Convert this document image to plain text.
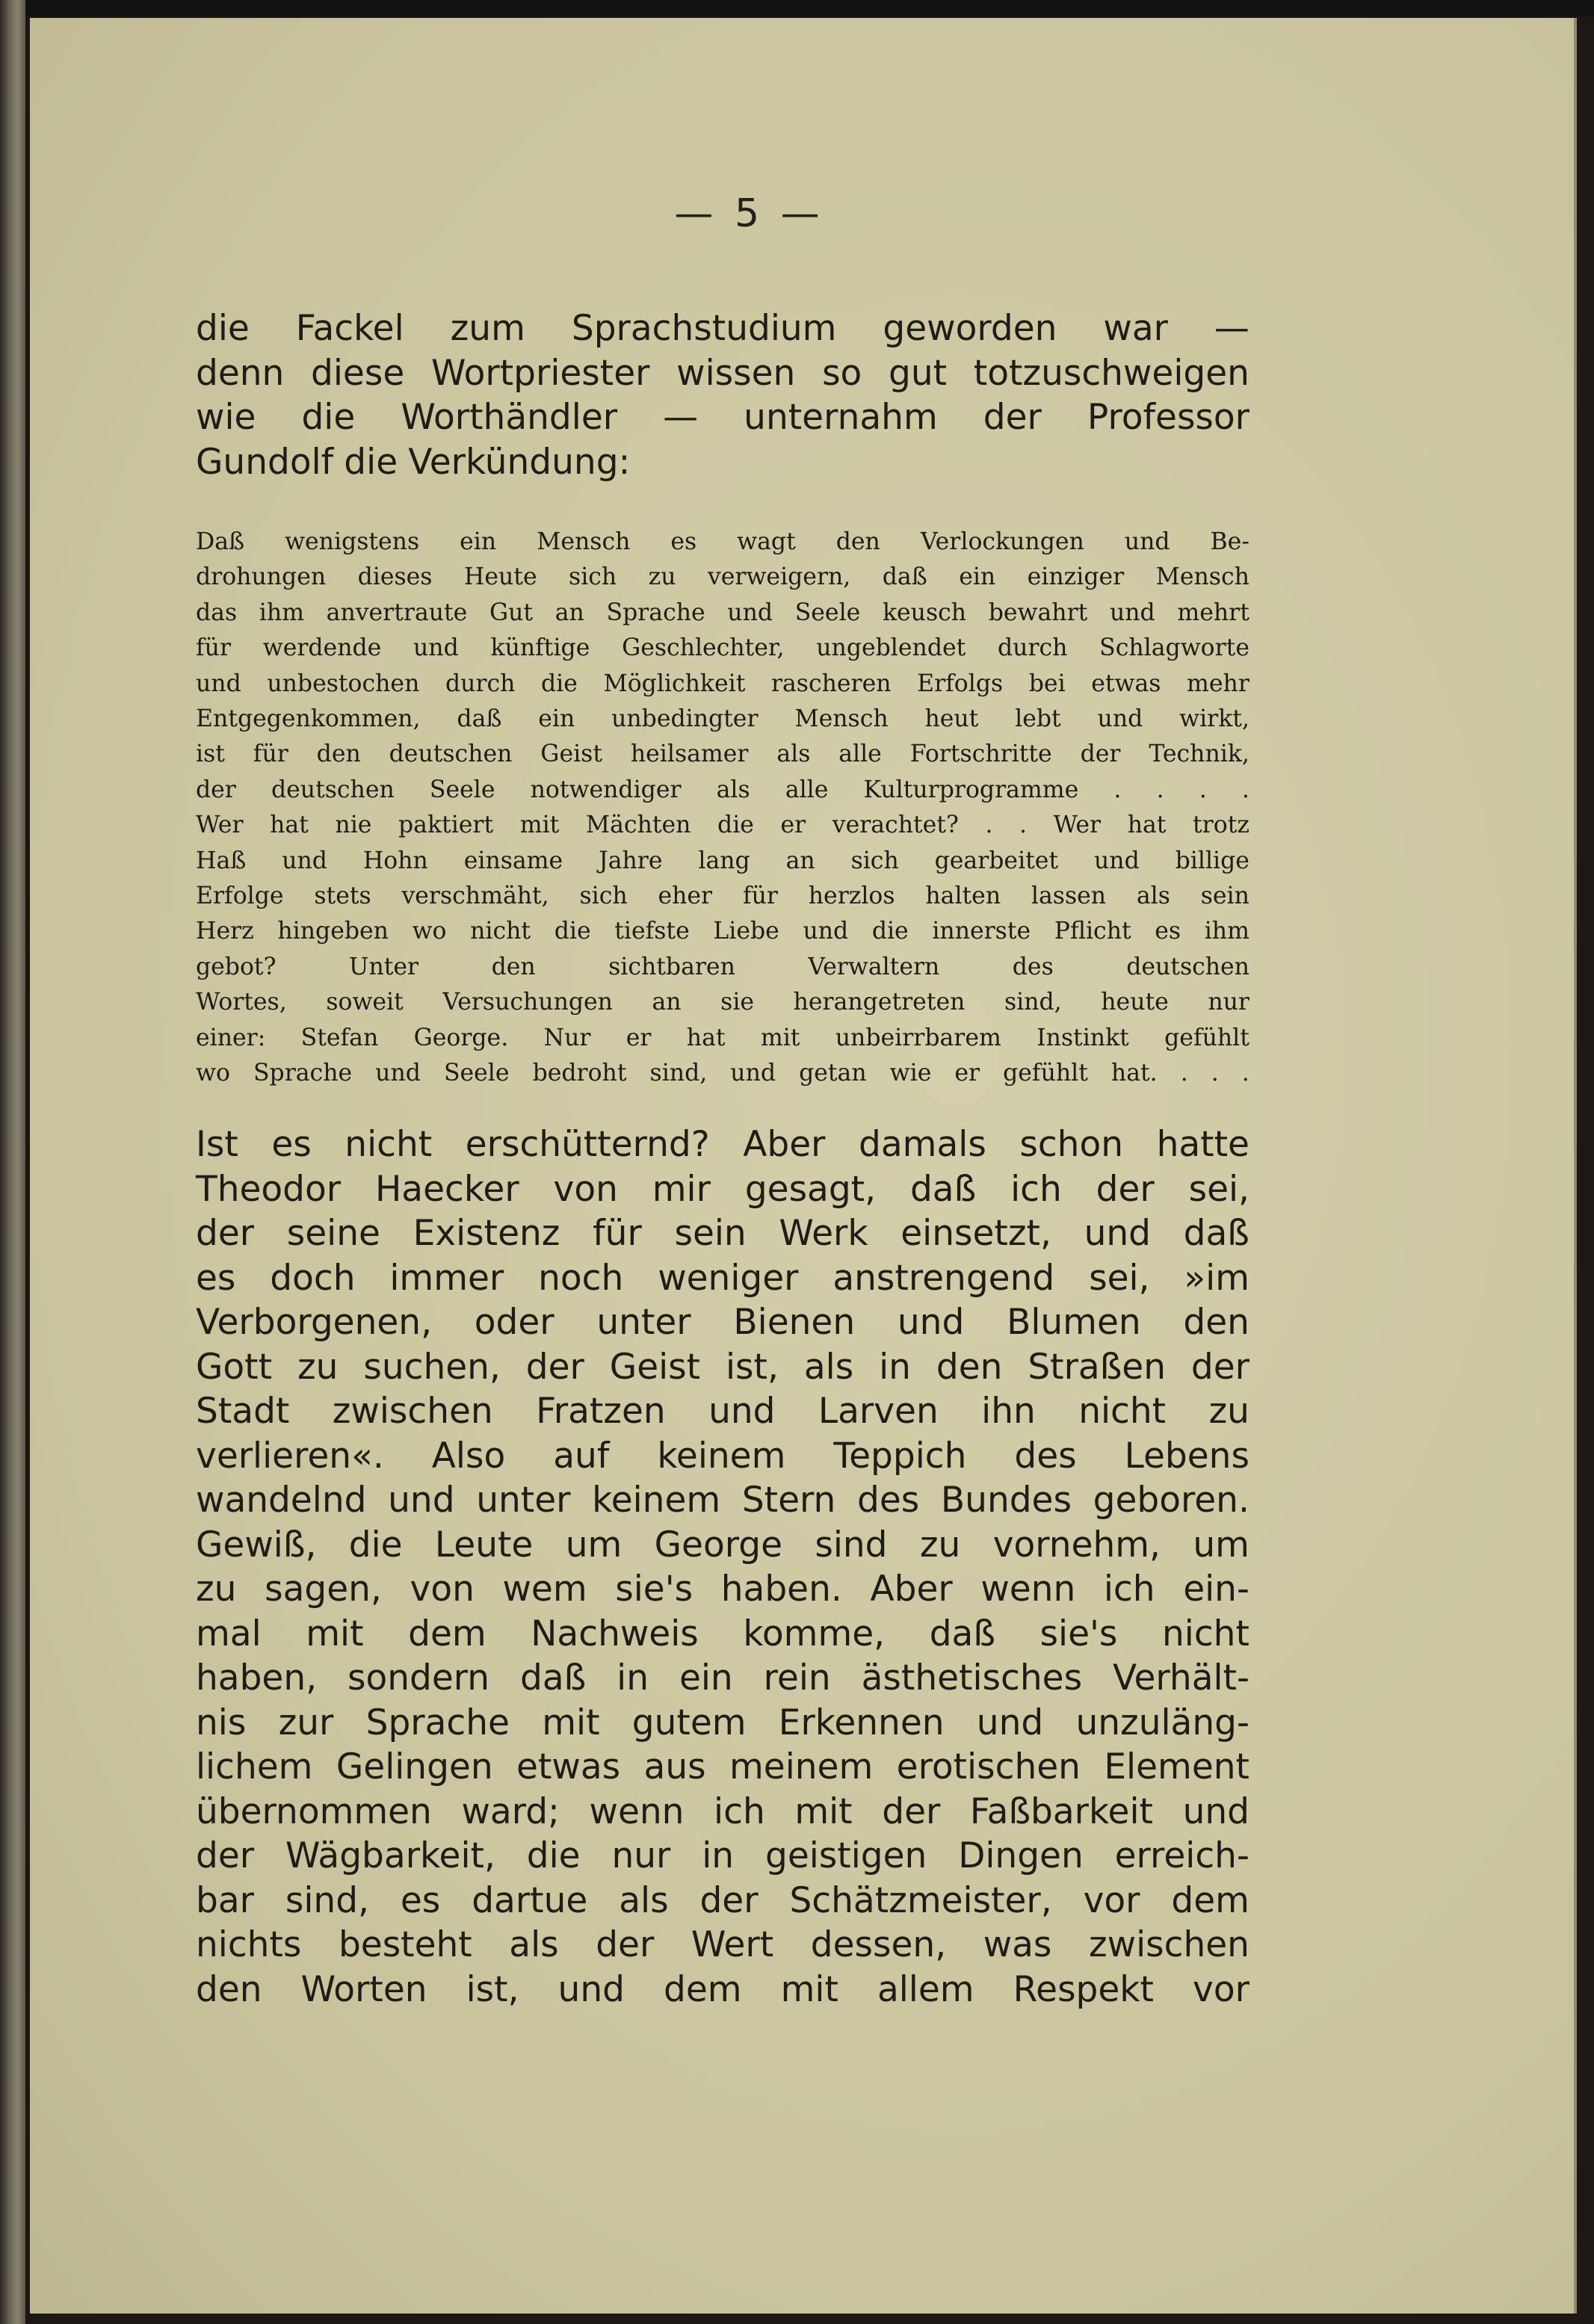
— 5 —
die Fackel zum Sprachstudium geworden war —
denn diese Wortpriester wissen so gut totzuschweigen
wie die Worthändler — unternahm der Professor
Gundolf die Verkündung:
Daß wenigstens ein Mensch es wagt den Verlockungen und Be-
drohungen dieses Heute sich zu verweigern, daß ein einziger Mensch
das ihm anvertraute Gut an Sprache und Seele keusch bewahrt und mehrt
für werdende und künftige Geschlechter, ungeblendet durch Schlagworte
und unbestochen durch die Möglichkeit rascheren Erfolgs bei etwas mehr
Entgegenkommen, daß ein unbedingter Mensch heut lebt und wirkt,
ist für den deutschen Geist heilsamer als alle Fortschritte der Technik,
der deutschen Seele notwendiger als alle Kulturprogramme . . . .
Wer hat nie paktiert mit Mächten die er verachtet? . . Wer hat trotz
Haß und Hohn einsame Jahre lang an sich gearbeitet und billige
Erfolge stets verschmäht, sich eher für herzlos halten lassen als sein
Herz hingeben wo nicht die tiefste Liebe und die innerste Pflicht es ihm
gebot?	Unter	den	sichtbaren	Verwaltern	des	deutschen
Wortes, soweit Versuchungen an sie herangetreten sind, heute nur
einer: Stefan George. Nur er hat mit unbeirrbarem Instinkt gefühlt
wo Sprache und Seele bedroht sind, und getan wie er gefühlt hat. . . .
Ist es nicht erschütternd? Aber damals schon hatte
Theodor Haecker von mir gesagt, daß ich der sei,
der seine Existenz für sein Werk einsetzt, und daß
es doch immer noch weniger anstrengend sei, »im
Verborgenen, oder unter Bienen und Blumen den
Gott zu suchen, der Geist ist, als in den Straßen der
Stadt zwischen Fratzen und Larven ihn nicht zu
verlieren«. Also auf keinem Teppich des Lebens
wandelnd und unter keinem Stern des Bundes geboren.
Gewiß, die Leute um George sind zu vornehm, um
zu sagen, von wem sie's haben. Aber wenn ich ein-
mal mit dem Nachweis komme, daß sie's nicht
haben, sondern daß in ein rein ästhetisches Verhält-
nis zur Sprache mit gutem Erkennen und unzuläng-
lichem Gelingen etwas aus meinem erotischen Element
übernommen ward; wenn ich mit der Faßbarkeit und
der Wägbarkeit, die nur in geistigen Dingen erreich-
bar sind, es dartue als der Schätzmeister, vor dem
nichts besteht als der Wert dessen, was zwischen
den Worten ist, und dem mit allem Respekt vor
